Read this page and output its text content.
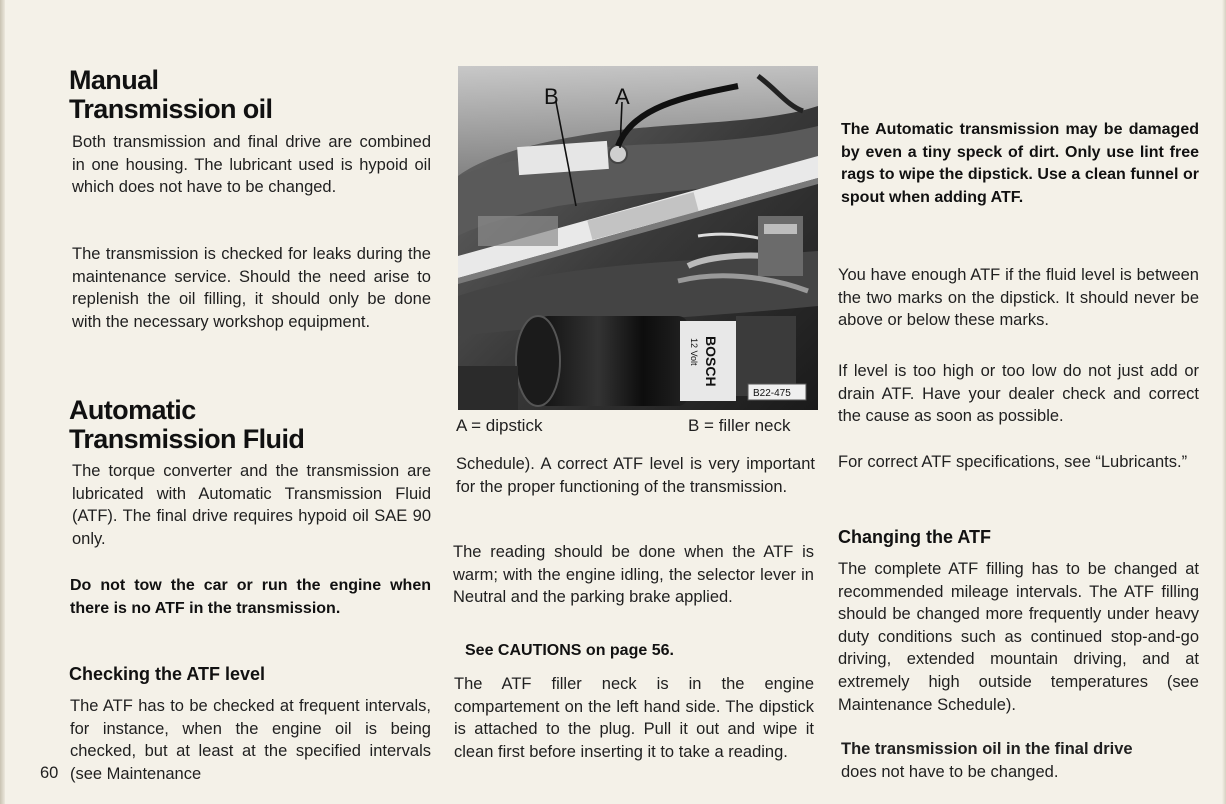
Manual
Transmission oil

Both transmission and final drive are combined in one housing. The lubricant used is hypoid oil which does not have to be changed.

The transmission is checked for leaks during the maintenance service. Should the need arise to replenish the oil filling, it should only be done with the necessary workshop equipment.

Automatic
Transmission Fluid

The torque converter and the transmission are lubricated with Automatic Transmission Fluid (ATF). The final drive requires hypoid oil SAE 90 only.

Do not tow the car or run the engine when there is no ATF in the transmission.

Checking the ATF level

The ATF has to be checked at frequent intervals, for instance, when the engine oil is being checked, but at least at the specified intervals (see Maintenance

60
B	A
BOSCH
12 Volt
B22-475
A = dipstick	B = filler neck

Schedule). A correct ATF level is very important for the proper functioning of the transmission.

The reading should be done when the ATF is warm; with the engine idling, the selector lever in Neutral and the parking brake applied.

See CAUTIONS on page 56.

The ATF filler neck is in the engine compartement on the left hand side. The dipstick is attached to the plug. Pull it out and wipe it clean first before inserting it to take a reading.

The Automatic transmission may be damaged by even a tiny speck of dirt. Only use lint free rags to wipe the dipstick. Use a clean funnel or spout when adding ATF.

You have enough ATF if the fluid level is between the two marks on the dipstick. It should never be above or below these marks.

If level is too high or too low do not just add or drain ATF. Have your dealer check and correct the cause as soon as possible.

For correct ATF specifications, see “Lubricants.”

Changing the ATF

The complete ATF filling has to be changed at recommended mileage intervals. The ATF filling should be changed more frequently under heavy duty conditions such as continued stop-and-go driving, extended mountain driving, and at extremely high outside temperatures (see Maintenance Schedule).

The transmission oil in the final drive
does not have to be changed.
